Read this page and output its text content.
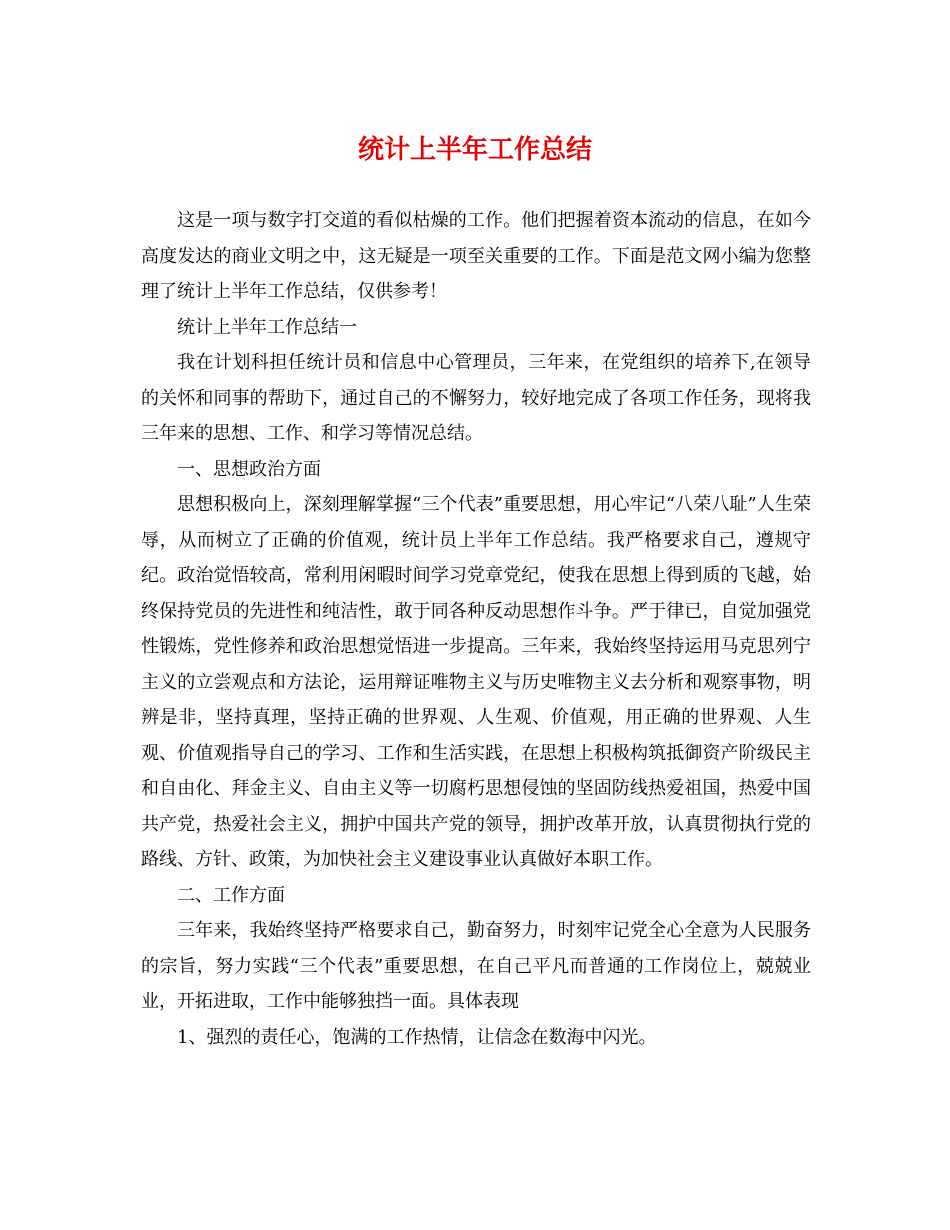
统计上半年工作总结

这是一项与数字打交道的看似枯燥的工作。他们把握着资本流动的信息，在如今高度发达的商业文明之中，这无疑是一项至关重要的工作。下面是范文网小编为您整理了统计上半年工作总结，仅供参考！

统计上半年工作总结一

我在计划科担任统计员和信息中心管理员，三年来，在党组织的培养下,在领导的关怀和同事的帮助下，通过自己的不懈努力，较好地完成了各项工作任务，现将我三年来的思想、工作、和学习等情况总结。

一、思想政治方面

思想积极向上，深刻理解掌握“三个代表”重要思想，用心牢记“八荣八耻”人生荣辱，从而树立了正确的价值观，统计员上半年工作总结。我严格要求自己，遵规守纪。政治觉悟较高，常利用闲暇时间学习党章党纪，使我在思想上得到质的飞越，始终保持党员的先进性和纯洁性，敢于同各种反动思想作斗争。严于律已，自觉加强党性锻炼，党性修养和政治思想觉悟进一步提高。三年来，我始终坚持运用马克思列宁主义的立尝观点和方法论，运用辩证唯物主义与历史唯物主义去分析和观察事物，明辨是非，坚持真理，坚持正确的世界观、人生观、价值观，用正确的世界观、人生观、价值观指导自己的学习、工作和生活实践，在思想上积极构筑抵御资产阶级民主和自由化、拜金主义、自由主义等一切腐朽思想侵蚀的坚固防线热爱祖国，热爱中国共产党，热爱社会主义，拥护中国共产党的领导，拥护改革开放，认真贯彻执行党的路线、方针、政策，为加快社会主义建设事业认真做好本职工作。

二、工作方面

三年来，我始终坚持严格要求自己，勤奋努力，时刻牢记党全心全意为人民服务的宗旨，努力实践“三个代表”重要思想，在自己平凡而普通的工作岗位上，兢兢业业，开拓进取，工作中能够独挡一面。具体表现

1、强烈的责任心，饱满的工作热情，让信念在数海中闪光。
